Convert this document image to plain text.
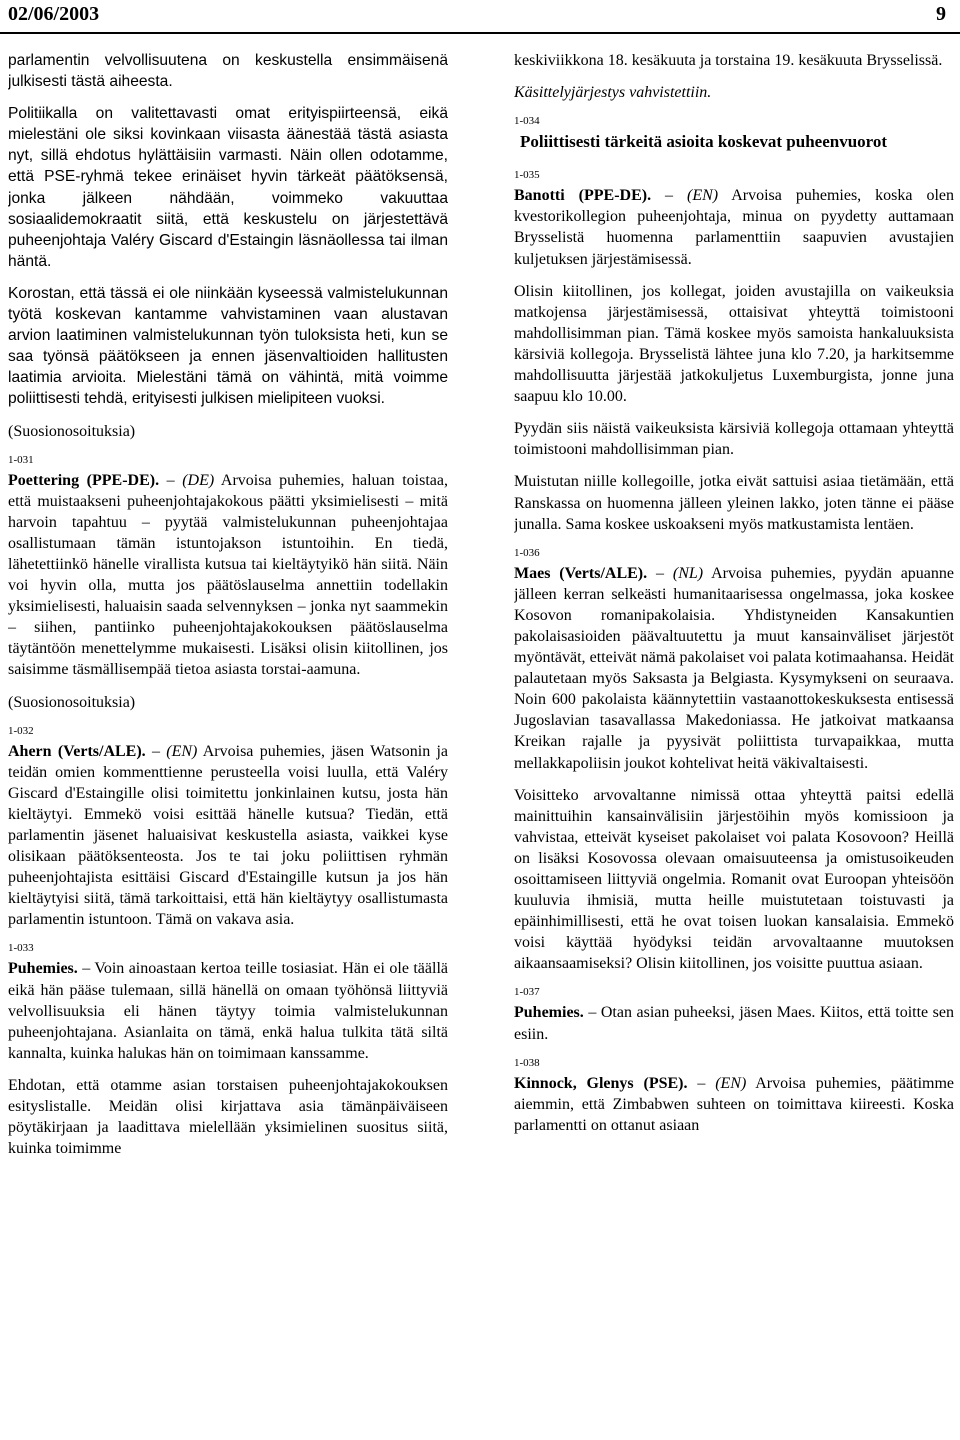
02/06/2003	9

parlamentin velvollisuutena on keskustella ensimmäisenä julkisesti tästä aiheesta.

Politiikalla on valitettavasti omat erityispiirteensä, eikä mielestäni ole siksi kovinkaan viisasta äänestää tästä asiasta nyt, sillä ehdotus hylättäisiin varmasti. Näin ollen odotamme, että PSE-ryhmä tekee erinäiset hyvin tärkeät päätöksensä, jonka jälkeen nähdään, voimmeko vakuuttaa sosiaalidemokraatit siitä, että keskustelu on järjestettävä puheenjohtaja Valéry Giscard d'Estaingin läsnäollessa tai ilman häntä.

Korostan, että tässä ei ole niinkään kyseessä valmistelukunnan työtä koskevan kantamme vahvistaminen vaan alustavan arvion laatiminen valmistelukunnan työn tuloksista heti, kun se saa työnsä päätökseen ja ennen jäsenvaltioiden hallitusten laatimia arvioita. Mielestäni tämä on vähintä, mitä voimme poliittisesti tehdä, erityisesti julkisen mielipiteen vuoksi.

(Suosionosoituksia)

1-031

Poettering (PPE-DE). – (DE) Arvoisa puhemies, haluan toistaa, että muistaakseni puheenjohtajakokous päätti yksimielisesti – mitä harvoin tapahtuu – pyytää valmistelukunnan puheenjohtajaa osallistumaan tämän istuntojakson istuntoihin. En tiedä, lähetettiinkö hänelle virallista kutsua tai kieltäytyikö hän siitä. Näin voi hyvin olla, mutta jos päätöslauselma annettiin todellakin yksimielisesti, haluaisin saada selvennyksen – jonka nyt saammekin – siihen, pantiinko puheenjohtajakokouksen päätöslauselma täytäntöön menettelymme mukaisesti. Lisäksi olisin kiitollinen, jos saisimme täsmällisempää tietoa asiasta torstai-aamuna.

(Suosionosoituksia)

1-032

Ahern (Verts/ALE). – (EN) Arvoisa puhemies, jäsen Watsonin ja teidän omien kommenttienne perusteella voisi luulla, että Valéry Giscard d'Estaingille olisi toimitettu jonkinlainen kutsu, josta hän kieltäytyi. Emmekö voisi esittää hänelle kutsua? Tiedän, että parlamentin jäsenet haluaisivat keskustella asiasta, vaikkei kyse olisikaan päätöksenteosta. Jos te tai joku poliittisen ryhmän puheenjohtajista esittäisi Giscard d'Estaingille kutsun ja jos hän kieltäytyisi siitä, tämä tarkoittaisi, että hän kieltäytyy osallistumasta parlamentin istuntoon. Tämä on vakava asia.

1-033

Puhemies. – Voin ainoastaan kertoa teille tosiasiat. Hän ei ole täällä eikä hän pääse tulemaan, sillä hänellä on omaan työhönsä liittyviä velvollisuuksia eli hänen täytyy toimia valmistelukunnan puheenjohtajana. Asianlaita on tämä, enkä halua tulkita tätä siltä kannalta, kuinka halukas hän on toimimaan kanssamme.

Ehdotan, että otamme asian torstaisen puheenjohtajakokouksen esityslistalle. Meidän olisi kirjattava asia tämänpäiväiseen pöytäkirjaan ja laadittava mielellään yksimielinen suositus siitä, kuinka toimimme

keskiviikkona 18. kesäkuuta ja torstaina 19. kesäkuuta Brysselissä.

Käsittelyjärjestys vahvistettiin.

1-034
Poliittisesti tärkeitä asioita koskevat puheenvuorot
1-035

Banotti (PPE-DE). – (EN) Arvoisa puhemies, koska olen kvestorikollegion puheenjohtaja, minua on pyydetty auttamaan Brysselistä huomenna parlamenttiin saapuvien avustajien kuljetuksen järjestämisessä.

Olisin kiitollinen, jos kollegat, joiden avustajilla on vaikeuksia matkojensa järjestämisessä, ottaisivat yhteyttä toimistooni mahdollisimman pian. Tämä koskee myös samoista hankaluuksista kärsiviä kollegoja. Brysselistä lähtee juna klo 7.20, ja harkitsemme mahdollisuutta järjestää jatkokuljetus Luxemburgista, jonne juna saapuu klo 10.00.

Pyydän siis näistä vaikeuksista kärsiviä kollegoja ottamaan yhteyttä toimistooni mahdollisimman pian.

Muistutan niille kollegoille, jotka eivät sattuisi asiaa tietämään, että Ranskassa on huomenna jälleen yleinen lakko, joten tänne ei pääse junalla. Sama koskee uskoakseni myös matkustamista lentäen.

1-036

Maes (Verts/ALE). – (NL) Arvoisa puhemies, pyydän apuanne jälleen kerran selkeästi humanitaarisessa ongelmassa, joka koskee Kosovon romanipakolaisia. Yhdistyneiden Kansakuntien pakolaisasioiden päävaltuutettu ja muut kansainväliset järjestöt myöntävät, etteivät nämä pakolaiset voi palata kotimaahansa. Heidät palautetaan myös Saksasta ja Belgiasta. Kysymykseni on seuraava. Noin 600 pakolaista käännytettiin vastaanottokeskuksesta entisessä Jugoslavian tasavallassa Makedoniassa. He jatkoivat matkaansa Kreikan rajalle ja pyysivät poliittista turvapaikkaa, mutta mellakkapoliisin joukot kohtelivat heitä väkivaltaisesti.

Voisitteko arvovaltanne nimissä ottaa yhteyttä paitsi edellä mainittuihin kansainvälisiin järjestöihin myös komissioon ja vahvistaa, etteivät kyseiset pakolaiset voi palata Kosovoon? Heillä on lisäksi Kosovossa olevaan omaisuuteensa ja omistusoikeuden osoittamiseen liittyviä ongelmia. Romanit ovat Euroopan yhteisöön kuuluvia ihmisiä, mutta heille muistutetaan toistuvasti ja epäinhimillisesti, että he ovat toisen luokan kansalaisia. Emmekö voisi käyttää hyödyksi teidän arvovaltaanne muutoksen aikaansaamiseksi? Olisin kiitollinen, jos voisitte puuttua asiaan.

1-037

Puhemies. – Otan asian puheeksi, jäsen Maes. Kiitos, että toitte sen esiin.

1-038

Kinnock, Glenys (PSE). – (EN) Arvoisa puhemies, päätimme aiemmin, että Zimbabwen suhteen on toimittava kiireesti. Koska parlamentti on ottanut asiaan
